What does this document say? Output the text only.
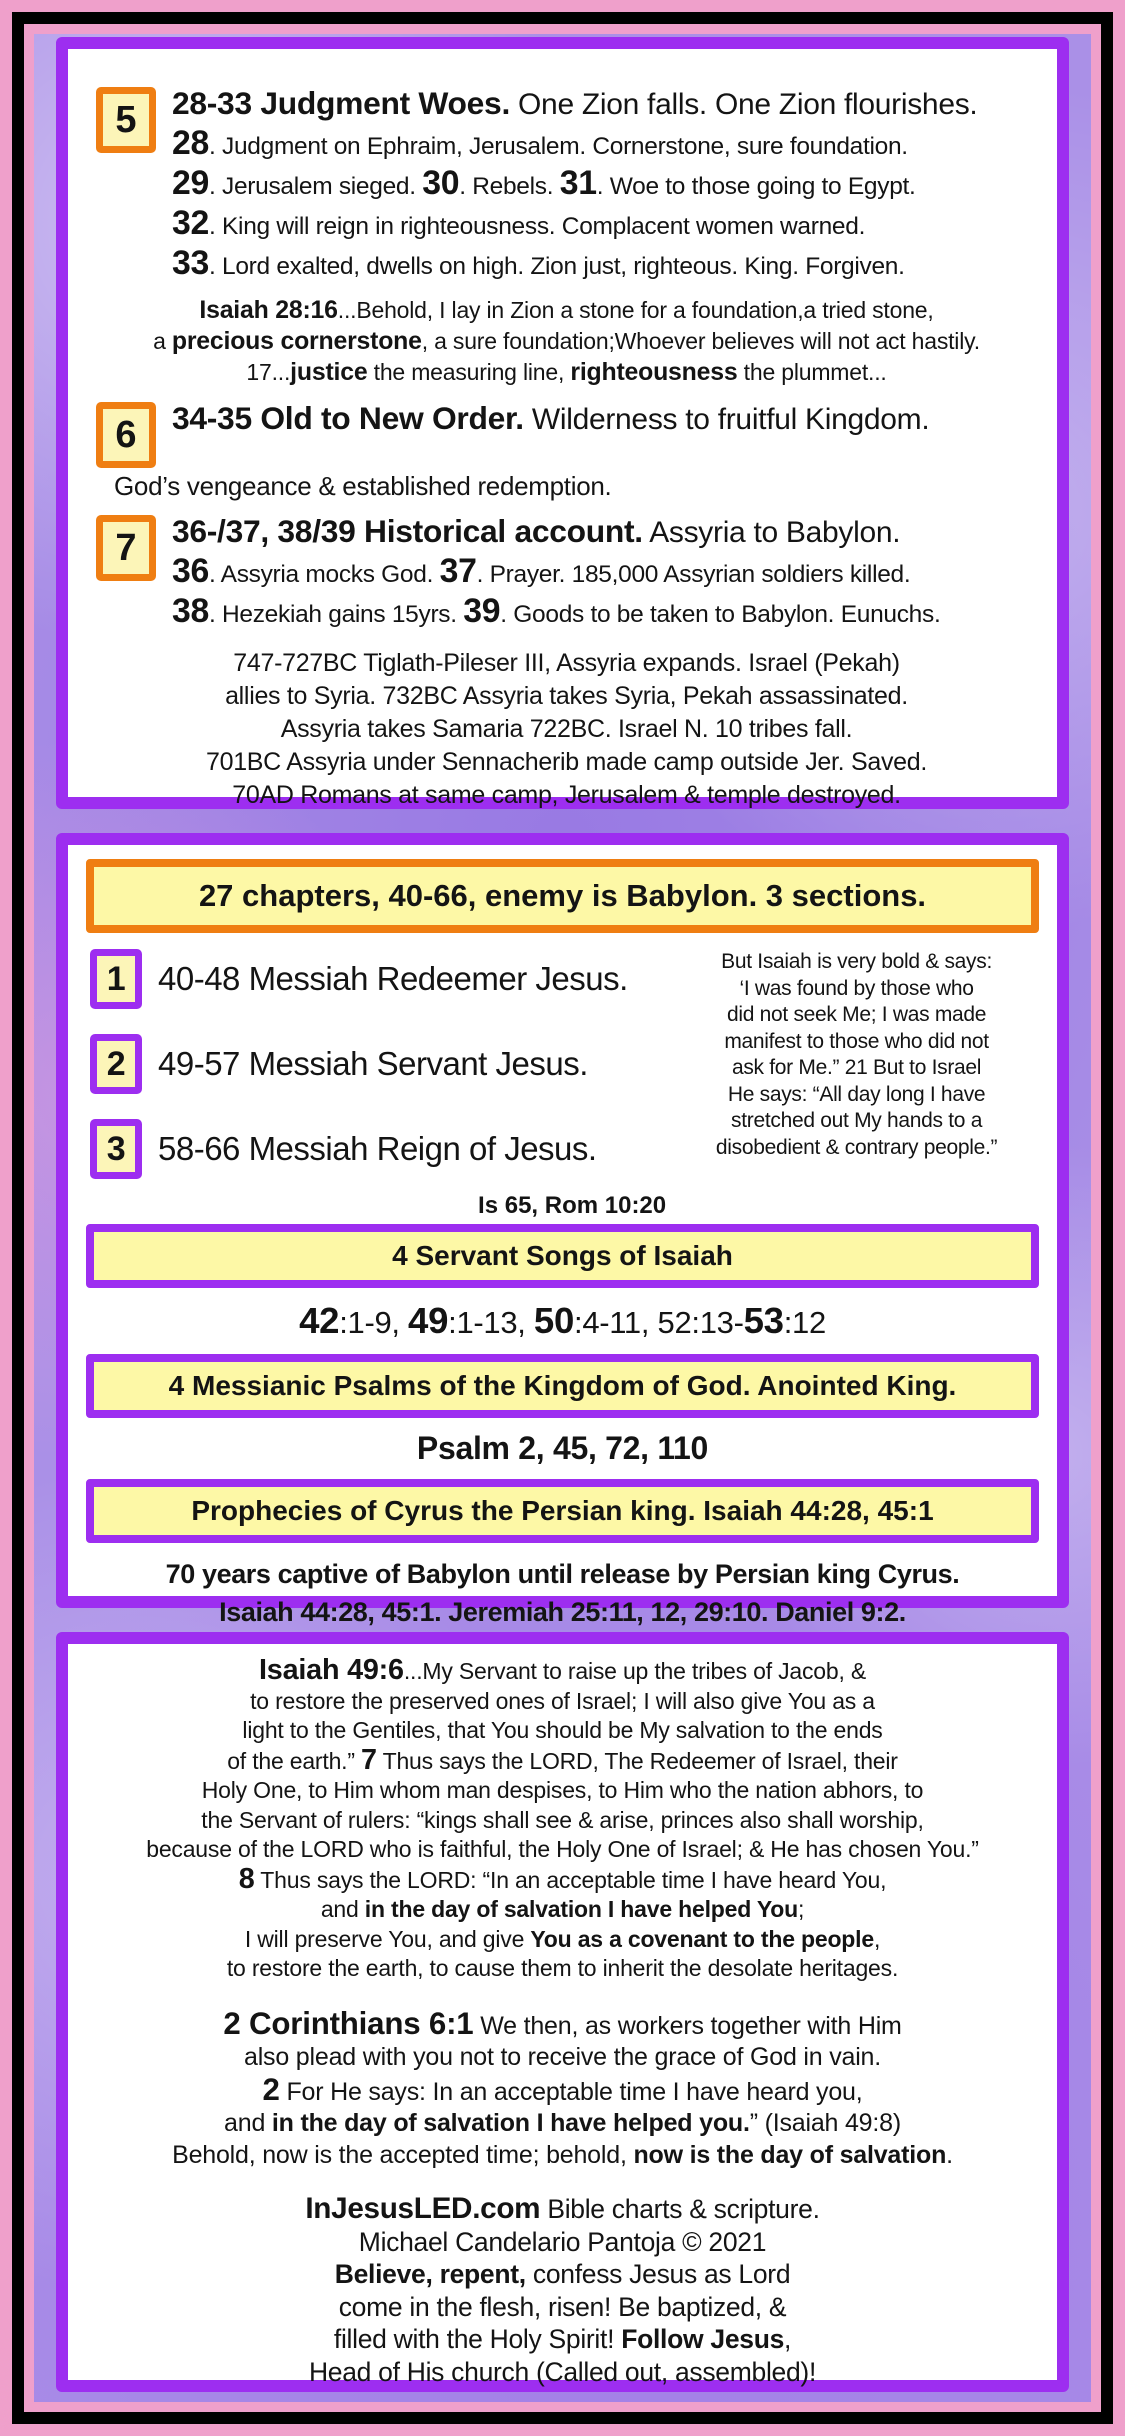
5	28-33 Judgment Woes. One Zion falls. One Zion flourishes.
28. Judgment on Ephraim, Jerusalem. Cornerstone, sure foundation.
29. Jerusalem sieged. 30. Rebels. 31. Woe to those going to Egypt.
32. King will reign in righteousness. Complacent women warned.
33. Lord exalted, dwells on high. Zion just, righteous. King. Forgiven.
Isaiah 28:16...Behold, I lay in Zion a stone for a foundation,a tried stone,
a precious cornerstone, a sure foundation;Whoever believes will not act hastily.
17...justice the measuring line, righteousness the plummet...
6	34-35 Old to New Order. Wilderness to fruitful Kingdom.
God’s vengeance & established redemption.
7	36-/37, 38/39 Historical account. Assyria to Babylon.
36. Assyria mocks God. 37. Prayer. 185,000 Assyrian soldiers killed.
38. Hezekiah gains 15yrs. 39. Goods to be taken to Babylon. Eunuchs.
747-727BC Tiglath-Pileser III, Assyria expands. Israel (Pekah)
allies to Syria. 732BC Assyria takes Syria, Pekah assassinated.
Assyria takes Samaria 722BC. Israel N. 10 tribes fall.
701BC Assyria under Sennacherib made camp outside Jer. Saved.
70AD Romans at same camp, Jerusalem & temple destroyed.
27 chapters, 40-66, enemy is Babylon. 3 sections.
1 40-48 Messiah Redeemer Jesus.
2 49-57 Messiah Servant Jesus.
3 58-66 Messiah Reign of Jesus.
Is 65, Rom 10:20
But Isaiah is very bold & says:
‘I was found by those who
did not seek Me; I was made
manifest to those who did not
ask for Me.” 21 But to Israel
He says: “All day long I have
stretched out My hands to a
disobedient & contrary people.”
4 Servant Songs of Isaiah
42:1-9, 49:1-13, 50:4-11, 52:13-53:12
4 Messianic Psalms of the Kingdom of God. Anointed King.
Psalm 2, 45, 72, 110
Prophecies of Cyrus the Persian king. Isaiah 44:28, 45:1
70 years captive of Babylon until release by Persian king Cyrus.
Isaiah 44:28, 45:1. Jeremiah 25:11, 12, 29:10. Daniel 9:2.
Isaiah 49:6...My Servant to raise up the tribes of Jacob, &
to restore the preserved ones of Israel; I will also give You as a
light to the Gentiles, that You should be My salvation to the ends
of the earth.” 7 Thus says the LORD, The Redeemer of Israel, their
Holy One, to Him whom man despises, to Him who the nation abhors, to
the Servant of rulers: “kings shall see & arise, princes also shall worship,
because of the LORD who is faithful, the Holy One of Israel; & He has chosen You.”
8 Thus says the LORD: “In an acceptable time I have heard You,
and in the day of salvation I have helped You;
I will preserve You, and give You as a covenant to the people,
to restore the earth, to cause them to inherit the desolate heritages.
2 Corinthians 6:1 We then, as workers together with Him
also plead with you not to receive the grace of God in vain.
2 For He says: In an acceptable time I have heard you,
and in the day of salvation I have helped you.” (Isaiah 49:8)
Behold, now is the accepted time; behold, now is the day of salvation.
InJesusLED.com Bible charts & scripture.
Michael Candelario Pantoja © 2021
Believe, repent, confess Jesus as Lord
come in the flesh, risen! Be baptized, &
filled with the Holy Spirit! Follow Jesus,
Head of His church (Called out, assembled)!
